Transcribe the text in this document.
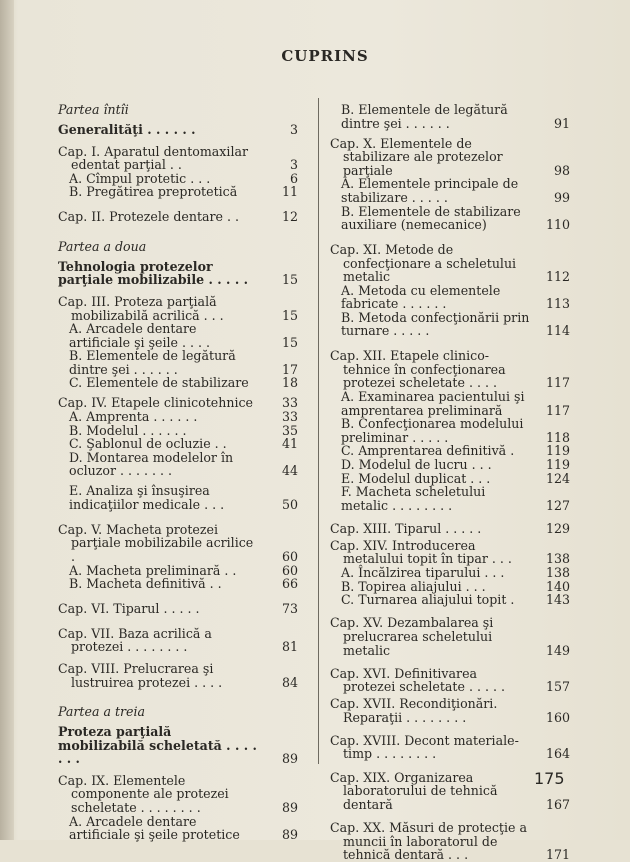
CUPRINS
Partea întîi
Generalităţi . . . . . .	3
Cap. I. Aparatul dentomaxilar edentat parţial . .	3
A. Cîmpul protetic . . .	6
B. Pregătirea preprotetică	11
Cap. II. Protezele dentare . .	12
Partea a doua
Tehnologia protezelor parţiale mobilizabile . . . . .	15
Cap. III. Proteza parţială mobilizabilă acrilică . . .	15
A. Arcadele dentare artificiale şi şeile . . . .	15
B. Elementele de legătură dintre şei . . . . . .	17
C. Elementele de stabilizare	18
Cap. IV. Etapele clinicotehnice	33
A. Amprenta . . . . . .	33
B. Modelul . . . . . .	35
C. Şablonul de ocluzie . .	41
D. Montarea modelelor în ocluzor . . . . . . .	44
E. Analiza şi însuşirea indicaţiilor medicale . . .	50
Cap. V. Macheta protezei parţiale mobilizabile acrilice .	60
A. Macheta preliminară . .	60
B. Macheta definitivă . .	66
Cap. VI. Tiparul . . . . .	73
Cap. VII. Baza acrilică a protezei . . . . . . . .	81
Cap. VIII. Prelucrarea şi lustruirea protezei . . . .	84
Partea a treia
Proteza parţială mobilizabilă scheletată . . . . . . .	89
Cap. IX. Elementele componente ale protezei scheletate . . . . . . . .	89
A. Arcadele dentare artificiale şi şeile protetice	89
B. Elementele de legătură dintre şei . . . . . .	91
Cap. X. Elementele de stabilizare ale protezelor parţiale	98
A. Elementele principale de stabilizare . . . . .	99
B. Elementele de stabilizare auxiliare (nemecanice)	110
Cap. XI. Metode de confecţionare a scheletului metalic	112
A. Metoda cu elementele fabricate . . . . . .	113
B. Metoda confecţionării prin turnare . . . . .	114
Cap. XII. Etapele clinico-tehnice în confecţionarea protezei scheletate . . . .	117
A. Examinarea pacientului şi amprentarea preliminară	117
B. Confecţionarea modelului preliminar . . . . .	118
C. Amprentarea definitivă .	119
D. Modelul de lucru . . .	119
E. Modelul duplicat . . .	124
F. Macheta scheletului metalic . . . . . . . .	127
Cap. XIII. Tiparul . . . . .	129
Cap. XIV. Introducerea metalului topit în tipar . . .	138
A. Încălzirea tiparului . . .	138
B. Topirea aliajului . . .	140
C. Turnarea aliajului topit .	143
Cap. XV. Dezambalarea şi prelucrarea scheletului metalic	149
Cap. XVI. Definitivarea protezei scheletate . . . . .	157
Cap. XVII. Recondiţionări. Reparaţii . . . . . . . .	160
Cap. XVIII. Decont materiale-timp . . . . . . . .	164
Cap. XIX. Organizarea laboratorului de tehnică dentară	167
Cap. XX. Măsuri de protecţie a muncii în laboratorul de tehnică dentară . . .	171
175
